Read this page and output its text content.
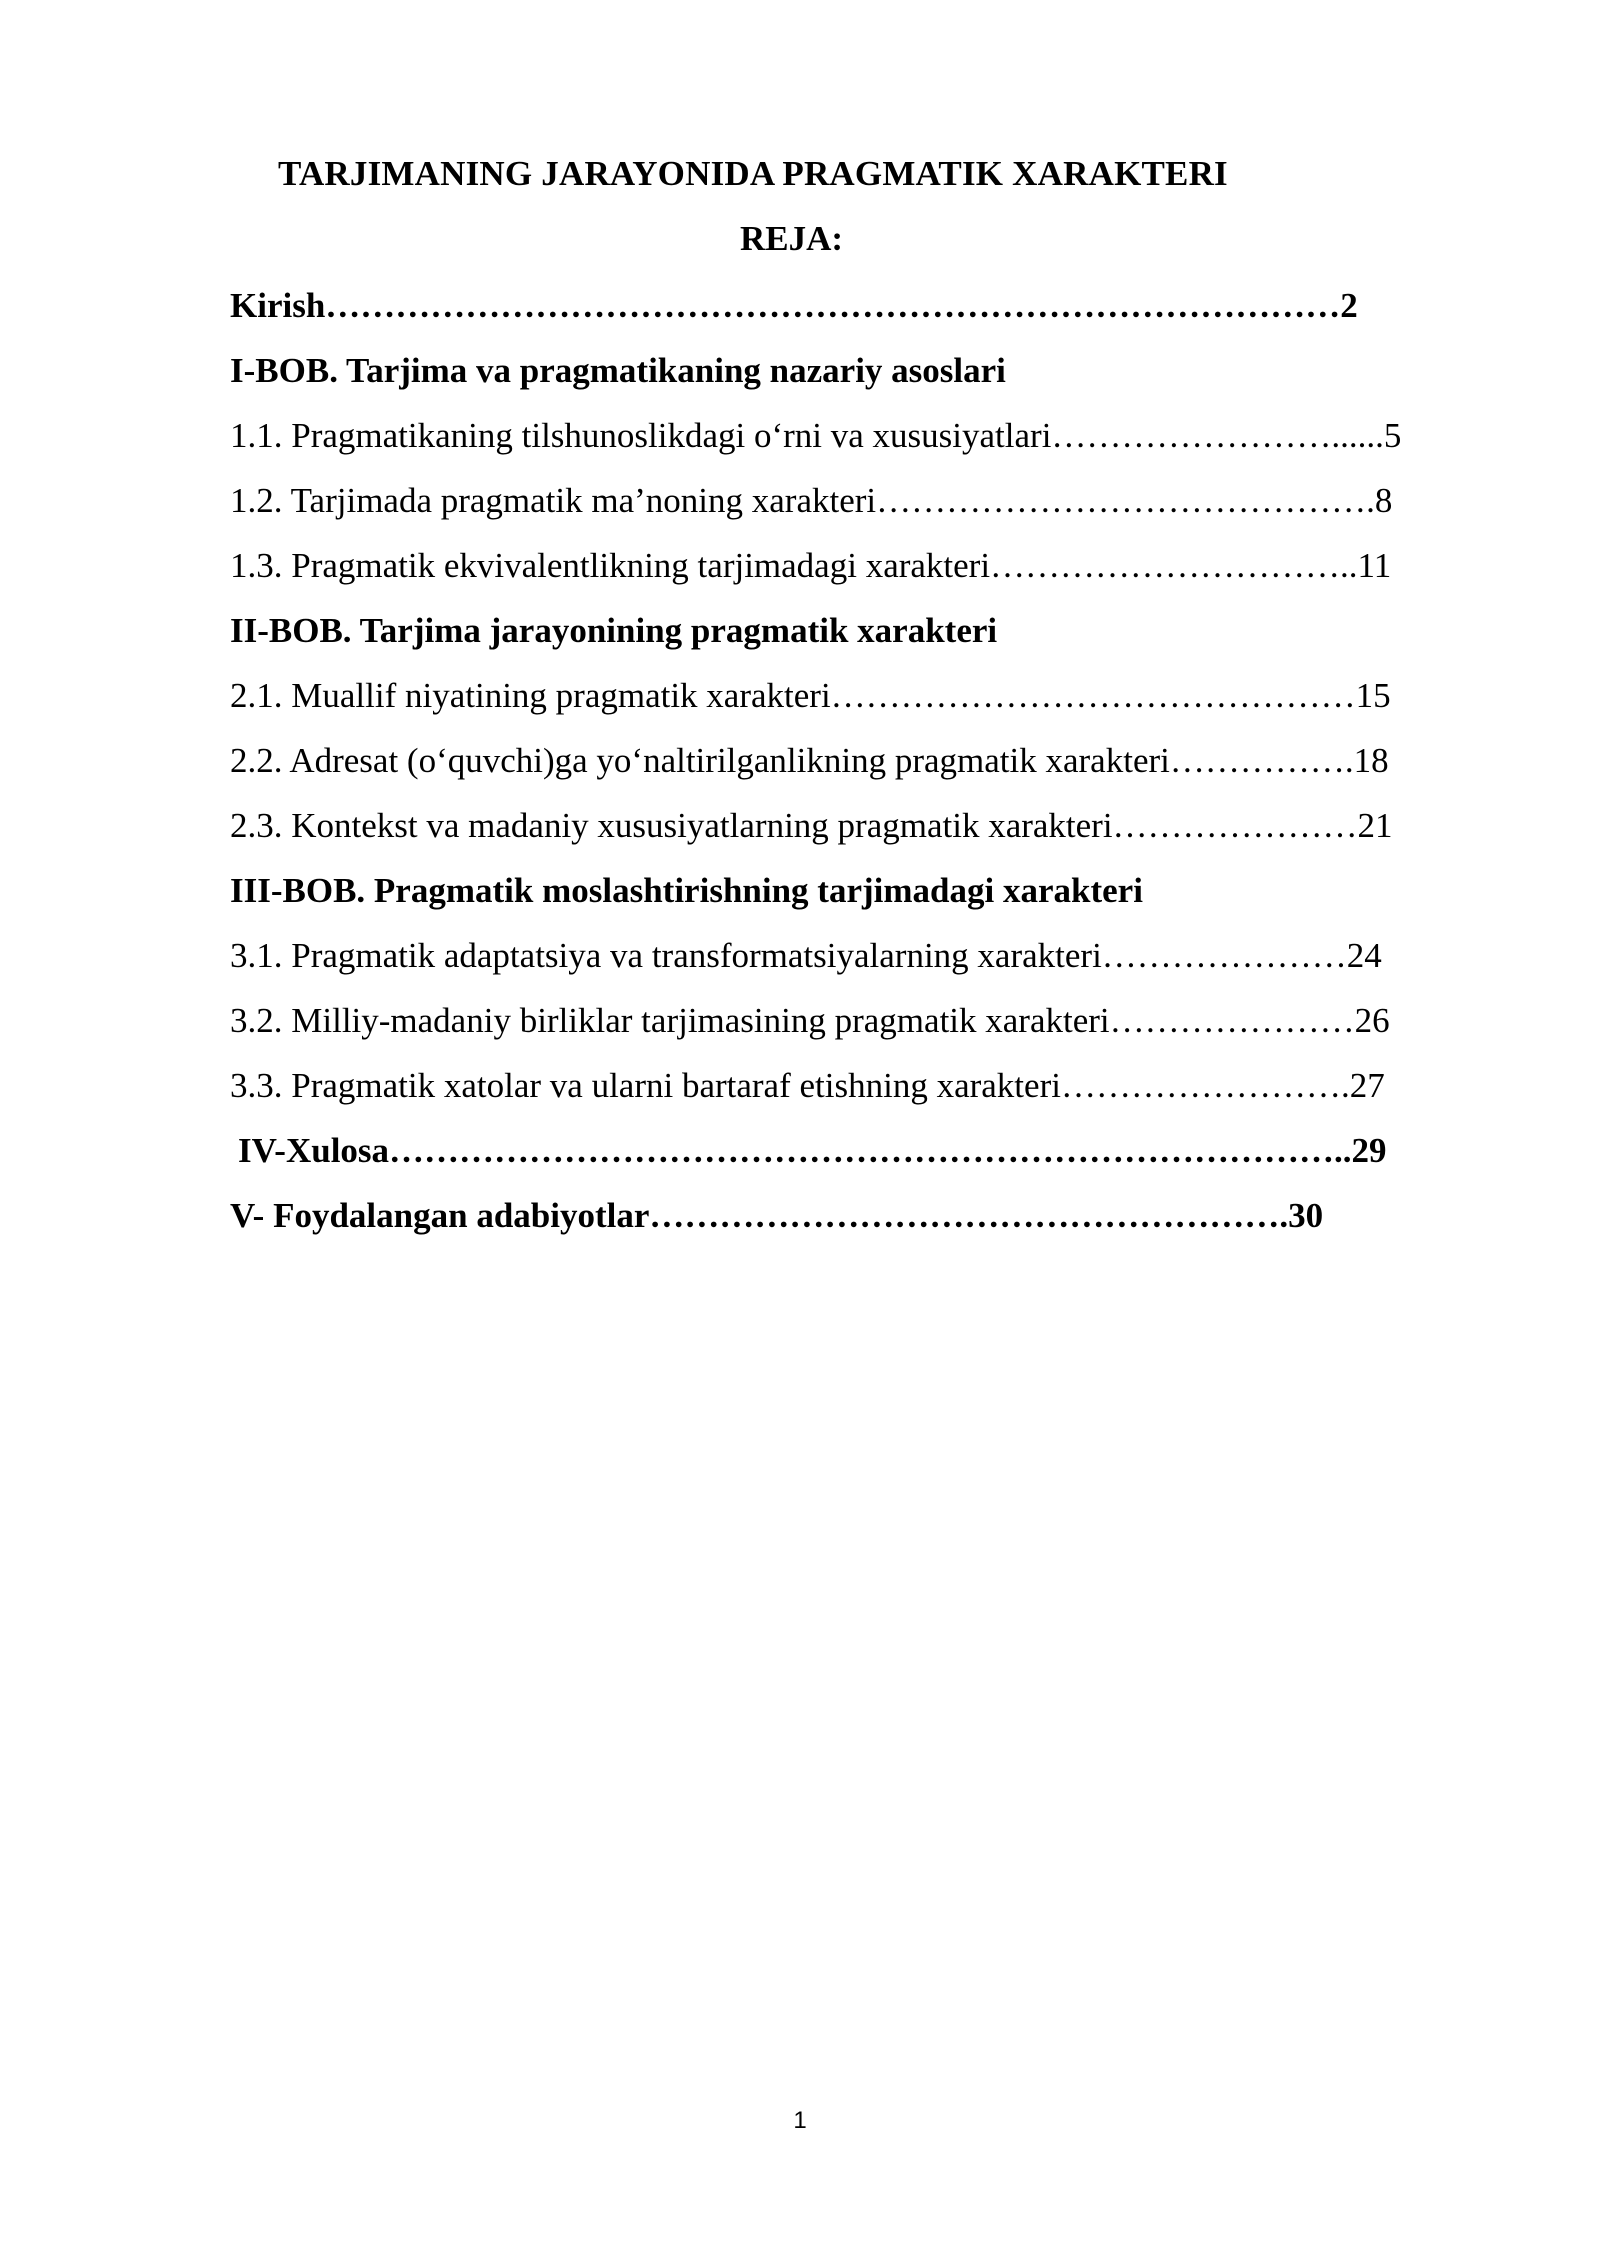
TARJIMANING JARAYONIDA PRAGMATIK XARAKTERI
REJA:
Kirish……………………………………………………………………………2
I-BOB. Tarjima va pragmatikaning nazariy asoslari
1.1. Pragmatikaning tilshunoslikdagi o‘rni va xususiyatlari……………………......5
1.2. Tarjimada pragmatik ma’noning xarakteri…………………………………….8
1.3. Pragmatik ekvivalentlikning tarjimadagi xarakteri…………………………..11
II-BOB. Tarjima jarayonining pragmatik xarakteri
2.1. Muallif niyatining pragmatik xarakteri………………………………………15
2.2. Adresat (o‘quvchi)ga yo‘naltirilganlikning pragmatik xarakteri…………….18
2.3. Kontekst va madaniy xususiyatlarning pragmatik xarakteri…………………21
III-BOB. Pragmatik moslashtirishning tarjimadagi xarakteri
3.1. Pragmatik adaptatsiya va transformatsiyalarning xarakteri…………………24
3.2. Milliy-madaniy birliklar tarjimasining pragmatik xarakteri…………………26
3.3. Pragmatik xatolar va ularni bartaraf etishning xarakteri…………………….27
IV-Xulosa………………………………………………………………………..29
V- Foydalangan adabiyotlar……………………………………………….30
1
